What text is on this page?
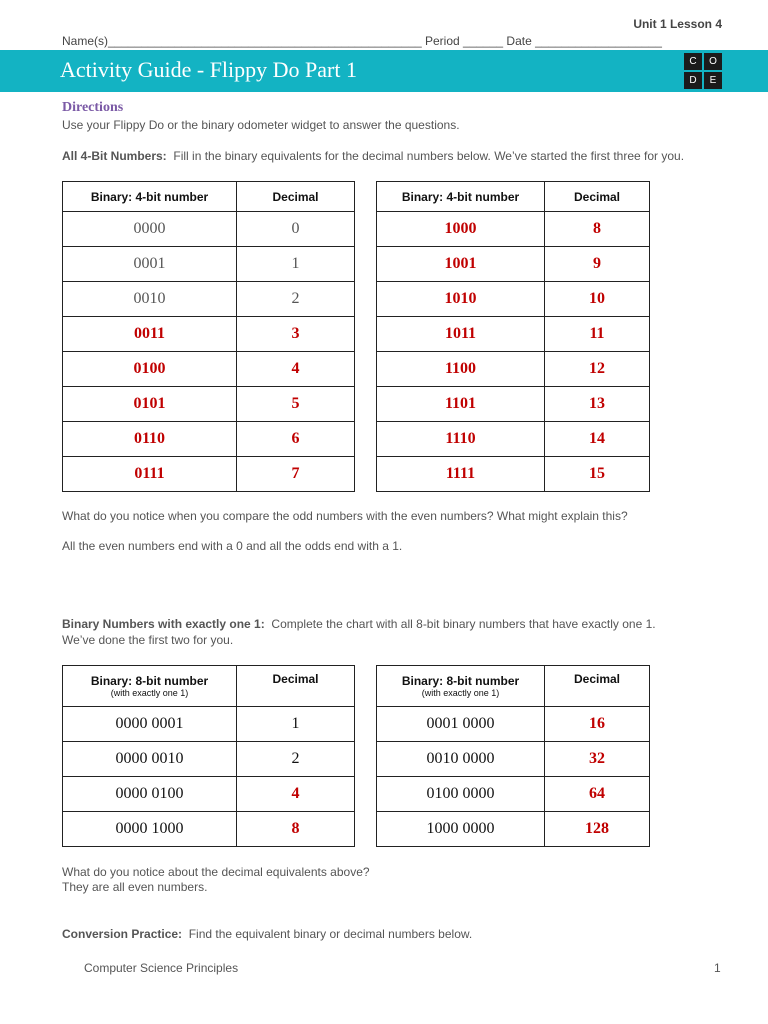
Unit 1 Lesson 4
Name(s)_______________________________________________ Period ______ Date ___________________
Activity Guide - Flippy Do Part 1	C	O
D	E
Directions
Use your Flippy Do or the binary odometer widget to answer the questions.
All 4-Bit Numbers: Fill in the binary equivalents for the decimal numbers below. We’ve started the first three for you.
Binary: 4-bit number	Decimal
0000	0
0001	1
0010	2
0011	3
0100	4
0101	5
0110	6
0111	7
Binary: 4-bit number	Decimal
1000	8
1001	9
1010	10
1011	11
1100	12
1101	13
1110	14
1111	15
What do you notice when you compare the odd numbers with the even numbers? What might explain this?
All the even numbers end with a 0 and all the odds end with a 1.
Binary Numbers with exactly one 1: Complete the chart with all 8-bit binary numbers that have exactly one 1.
We’ve done the first two for you.
Binary: 8-bit number
(with exactly one 1)	Decimal
0000 0001	1
0000 0010	2
0000 0100	4
0000 1000	8
Binary: 8-bit number
(with exactly one 1)	Decimal
0001 0000	16
0010 0000	32
0100 0000	64
1000 0000	128
What do you notice about the decimal equivalents above?
They are all even numbers.
Conversion Practice: Find the equivalent binary or decimal numbers below.
Computer Science Principles	1
